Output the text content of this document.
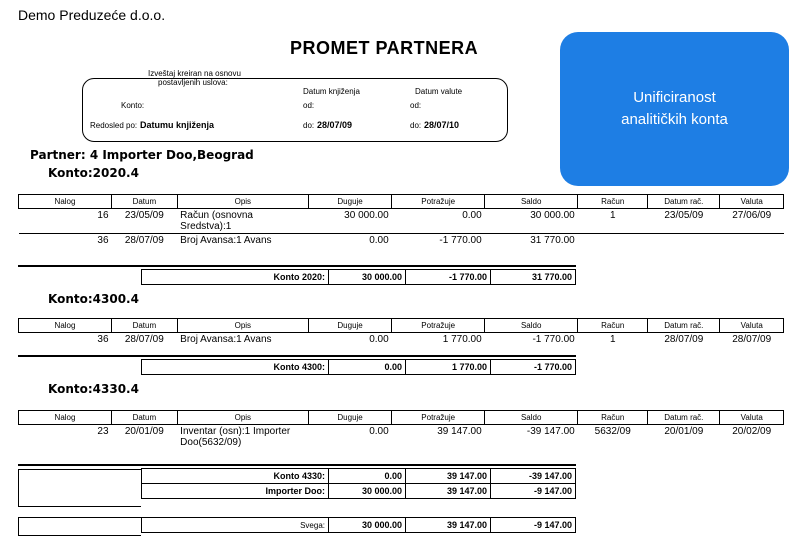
Demo Preduzeće d.o.o.
PROMET PARTNERA
Izveštaj kreiran na osnovu
postavljenih uslova:
Konto:
Redosled po: Datumu knjiženja
Datum knjiženja	Datum valute
od:	od:
do: 28/07/09	do: 28/07/10
Unificiranost
analitičkih konta
Partner: 4 Importer Doo,Beograd
Konto:2020.4
Nalog	Datum	Opis	Duguje	Potražuje	Saldo	Račun	Datum rač.	Valuta
16	23/05/09	Račun (osnovna
Sredstva):1	30 000.00	0.00	30 000.00	1	23/05/09	27/06/09
36	28/07/09	Broj Avansa:1 Avans	0.00	-1 770.00	31 770.00			
Konto 2020:	30 000.00	-1 770.00	31 770.00
Konto:4300.4
Nalog	Datum	Opis	Duguje	Potražuje	Saldo	Račun	Datum rač.	Valuta
36	28/07/09	Broj Avansa:1 Avans	0.00	1 770.00	-1 770.00	1	28/07/09	28/07/09
Konto 4300:	0.00	1 770.00	-1 770.00
Konto:4330.4
Nalog	Datum	Opis	Duguje	Potražuje	Saldo	Račun	Datum rač.	Valuta
23	20/01/09	Inventar (osn):1 Importer
Doo(5632/09)	0.00	39 147.00	-39 147.00	5632/09	20/01/09	20/02/09
Konto 4330:	0.00	39 147.00	-39 147.00
Importer Doo:	30 000.00	39 147.00	-9 147.00
Svega:	30 000.00	39 147.00	-9 147.00
